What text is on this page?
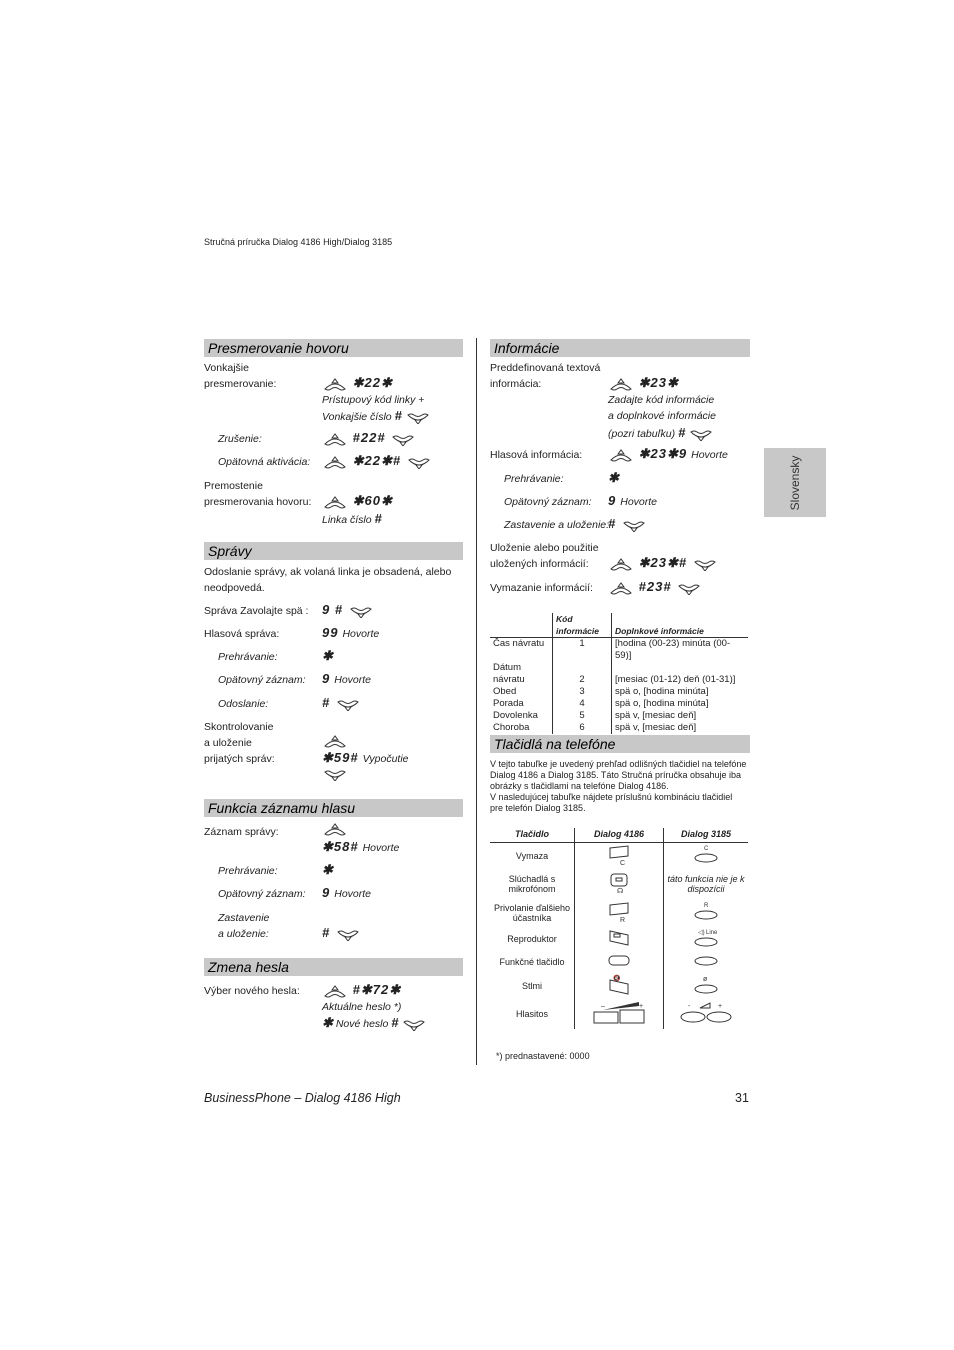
Stručná príručka Dialog 4186 High/Dialog 3185
Slovensky
Presmerovanie hovoru
Vonkajšie
presmerovanie:	✱22✱
Prístupový kód linky +
Vonkajšie číslo #
Zrušenie:	#22#
Opätovná aktivácia:	✱22✱#
Premostenie
presmerovania hovoru:	✱60✱
Linka číslo #
Správy
Odoslanie správy, ak volaná linka je obsadená, alebo
neodpovedá.
Správa Zavolajte spä : 9 #
Hlasová správa:	99 Hovorte
Prehrávanie:	✱
Opätovný záznam: 9 Hovorte
Odoslanie:	#
Skontrolovanie
a uloženie
prijatých správ:	✱59# Vypočutie
Funkcia záznamu hlasu
Záznam správy:
✱58# Hovorte
Prehrávanie:	✱
Opätovný záznam: 9 Hovorte
Zastavenie
a uloženie:	#
Zmena hesla
Výber nového hesla:	#✱72✱
Aktuálne heslo *)
✱ Nové heslo #
Informácie
Preddefinovaná textová
informácia:	✱23✱
Zadajte kód informácie
a doplnkové informácie
(pozri tabuľku) #
Hlasová informácia:	✱23✱9 Hovorte
Prehrávanie:	✱
Opätovný záznam: 9 Hovorte
Zastavenie a uloženie:
#
Uloženie alebo použitie
uložených informácií:	✱23✱#
Vymazanie informácií:	#23#
	Kód informácie	Doplnkové informácie
Čas návratu	1	[hodina (00-23) minúta (00-59)]
Dátum		
návratu	2	[mesiac (01-12) deň (01-31)]
Obed	3	spä o, [hodina minúta]
Porada	4	spä o, [hodina minúta]
Dovolenka	5	spä v, [mesiac deň]
Choroba	6	spä v, [mesiac deň]
Tlačidlá na telefóne
V tejto tabuľke je uvedený prehľad odlišných tlačidiel na telefóne
Dialog 4186 a Dialog 3185. Táto Stručná príručka obsahuje iba
obrázky s tlačidlami na telefóne Dialog 4186.
V nasledujúcej tabuľke nájdete príslušnú kombináciu tlačidiel
pre telefón Dialog 3185.
Tlačidlo	Dialog 4186	Dialog 3185
Vymaza	C	C

Slúchadlá s mikrofónom	☊	táto funkcia nie je k dispozícii
Privolanie ďalšieho účastníka	R	R

Reproduktor		◁) Line

Funkčné tlačidlo		
Stlmi	🔇	ø

Hlasitos	– +	- +
*) prednastavené: 0000
BusinessPhone – Dialog 4186 High	31
